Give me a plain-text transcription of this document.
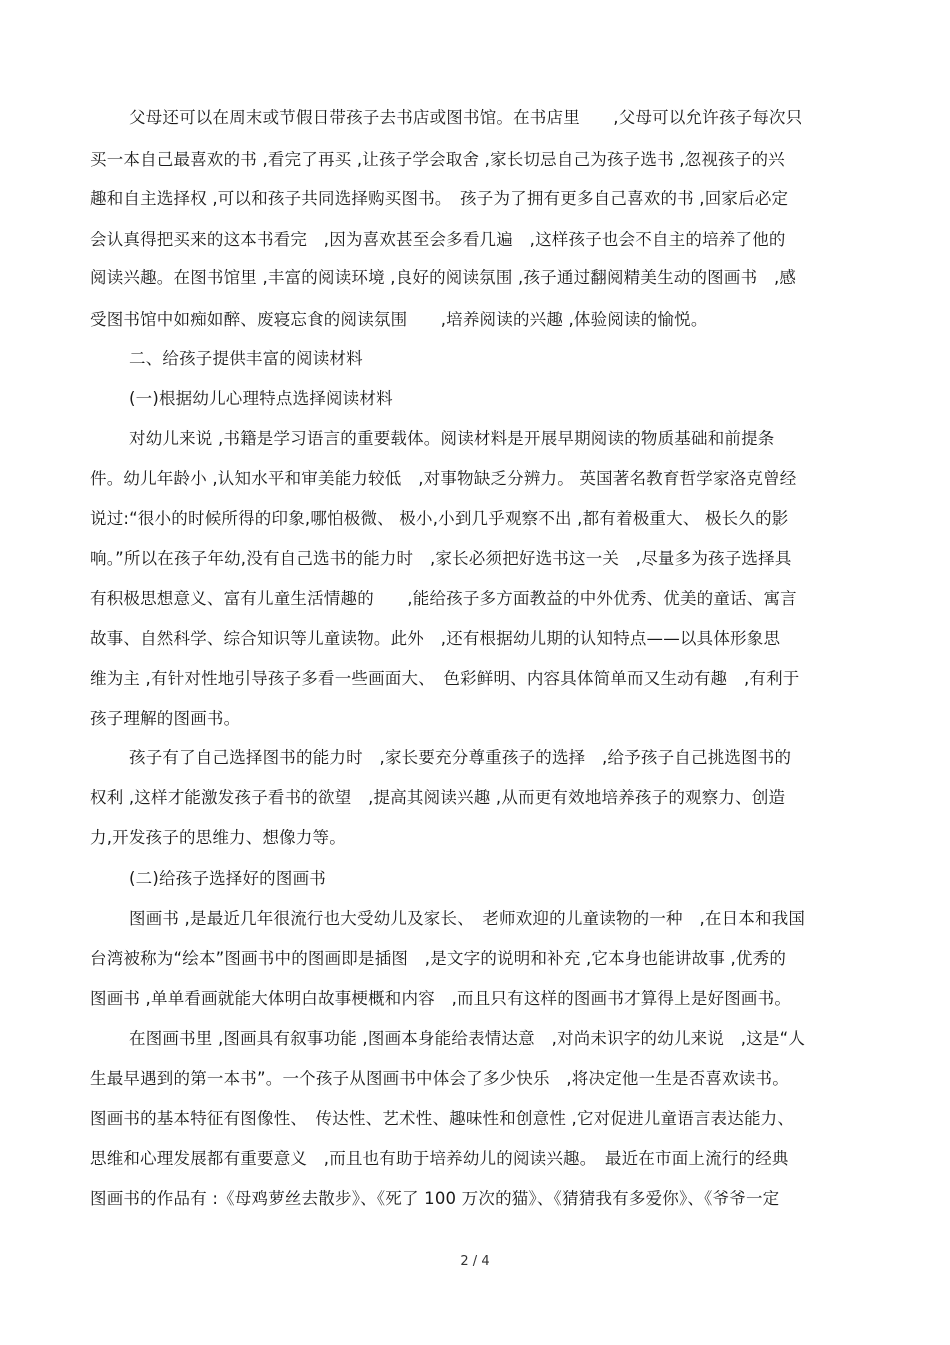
父母还可以在周末或节假日带孩子去书店或图书馆。在书店里　　,父母可以允许孩子每次只
买一本自己最喜欢的书 ,看完了再买 ,让孩子学会取舍 ,家长切忌自己为孩子选书 ,忽视孩子的兴
趣和自主选择权 ,可以和孩子共同选择购买图书。　孩子为了拥有更多自己喜欢的书 ,回家后必定
会认真得把买来的这本书看完　,因为喜欢甚至会多看几遍　,这样孩子也会不自主的培养了他的
阅读兴趣。在图书馆里 ,丰富的阅读环境 ,良好的阅读氛围 ,孩子通过翻阅精美生动的图画书　,感
受图书馆中如痴如醉、废寝忘食的阅读氛围　　,培养阅读的兴趣 ,体验阅读的愉悦。
二、给孩子提供丰富的阅读材料
(一)根据幼儿心理特点选择阅读材料
对幼儿来说 ,书籍是学习语言的重要载体。阅读材料是开展早期阅读的物质基础和前提条
件。幼儿年龄小 ,认知水平和审美能力较低　,对事物缺乏分辨力。 英国著名教育哲学家洛克曾经
说过:“很小的时候所得的印象,哪怕极微、 极小,小到几乎观察不出 ,都有着极重大、 极长久的影
响。”所以在孩子年幼,没有自己选书的能力时　,家长必须把好选书这一关　,尽量多为孩子选择具
有积极思想意义、富有儿童生活情趣的　　,能给孩子多方面教益的中外优秀、优美的童话、寓言
故事、自然科学、综合知识等儿童读物。此外　,还有根据幼儿期的认知特点——以具体形象思
维为主 ,有针对性地引导孩子多看一些画面大、　色彩鲜明、内容具体简单而又生动有趣　,有利于
孩子理解的图画书。
孩子有了自己选择图书的能力时　,家长要充分尊重孩子的选择　,给予孩子自己挑选图书的
权利 ,这样才能激发孩子看书的欲望　,提高其阅读兴趣 ,从而更有效地培养孩子的观察力、创造
力,开发孩子的思维力、想像力等。
(二)给孩子选择好的图画书
图画书 ,是最近几年很流行也大受幼儿及家长、　老师欢迎的儿童读物的一种　,在日本和我国
台湾被称为“绘本”图画书中的图画即是插图　,是文字的说明和补充 ,它本身也能讲故事 ,优秀的
图画书 ,单单看画就能大体明白故事梗概和内容　,而且只有这样的图画书才算得上是好图画书。
在图画书里 ,图画具有叙事功能 ,图画本身能给表情达意　,对尚未识字的幼儿来说　,这是“人
生最早遇到的第一本书”。一个孩子从图画书中体会了多少快乐　,将决定他一生是否喜欢读书。
图画书的基本特征有图像性、　传达性、艺术性、趣味性和创意性 ,它对促进儿童语言表达能力、
思维和心理发展都有重要意义　,而且也有助于培养幼儿的阅读兴趣。　最近在市面上流行的经典
图画书的作品有 :《母鸡萝丝去散步》、《死了 100 万次的猫》、《猜猜我有多爱你》、《爷爷一定
2 / 4
